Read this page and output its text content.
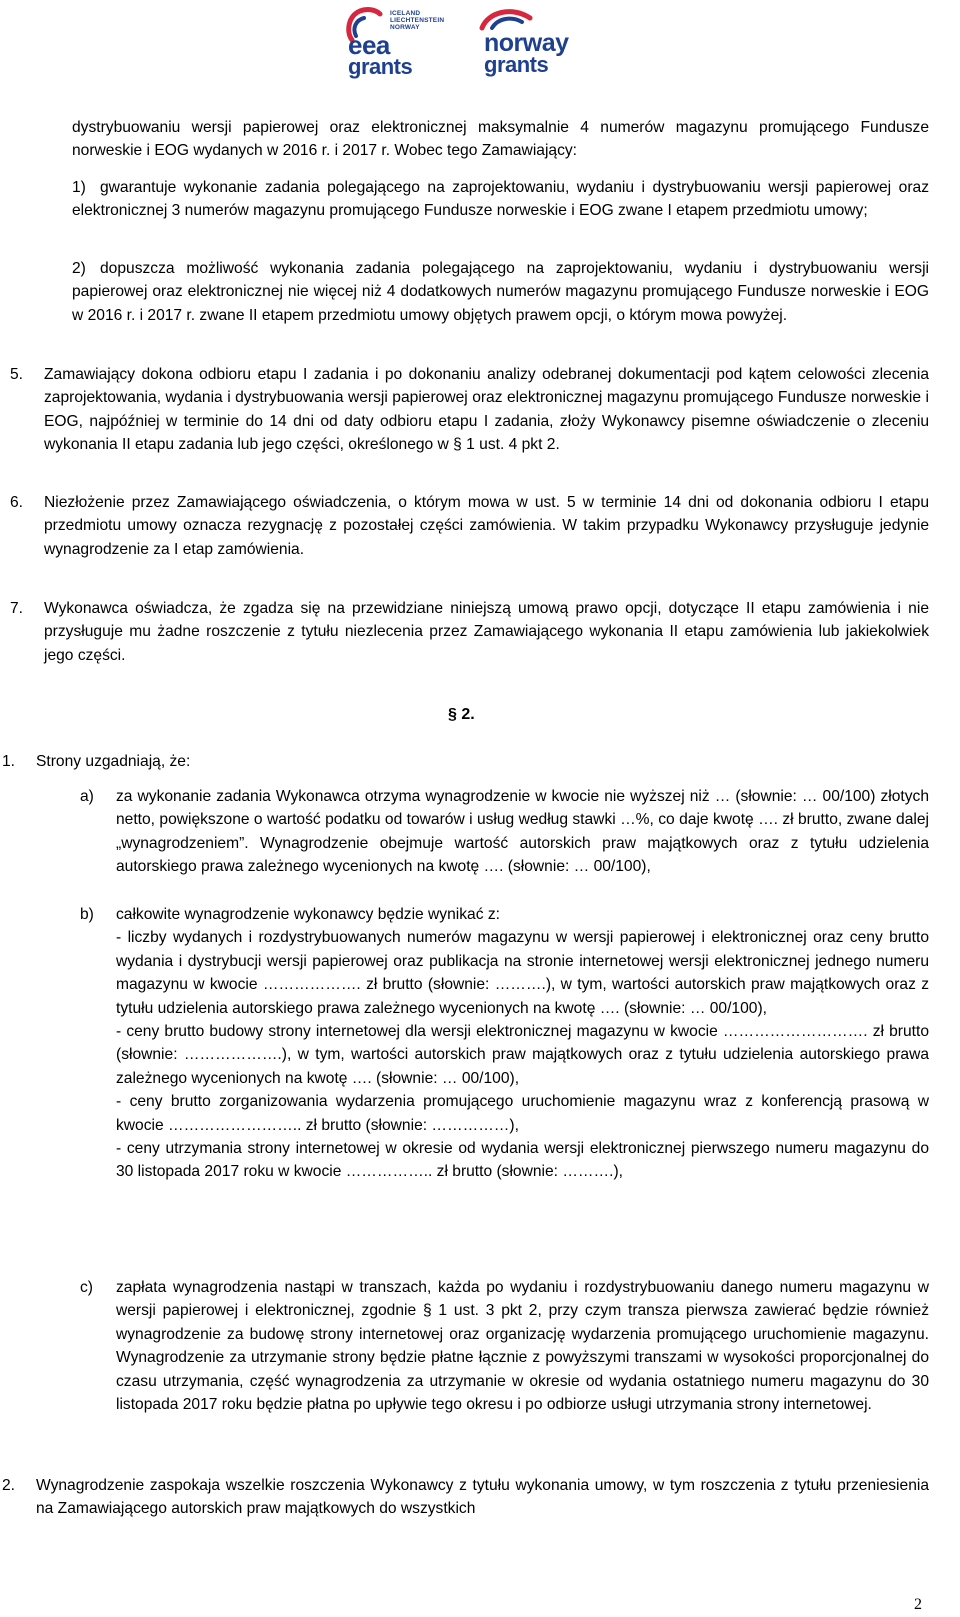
ICELAND
LIECHTENSTEIN
NORWAY
eea
grants
norway
grants
dystrybuowaniu wersji papierowej oraz elektronicznej maksymalnie 4 numerów magazynu promującego Fundusze norweskie i EOG wydanych w 2016 r. i 2017 r. Wobec tego Zamawiający:
1) gwarantuje wykonanie zadania polegającego na zaprojektowaniu, wydaniu i dystrybuowaniu wersji papierowej oraz elektronicznej 3 numerów magazynu promującego Fundusze norweskie i EOG zwane I etapem przedmiotu umowy;
2) dopuszcza możliwość wykonania zadania polegającego na zaprojektowaniu, wydaniu i dystrybuowaniu wersji papierowej oraz elektronicznej nie więcej niż 4 dodatkowych numerów magazynu promującego Fundusze norweskie i EOG w 2016 r. i 2017 r. zwane II etapem przedmiotu umowy objętych prawem opcji, o którym mowa powyżej.
5. Zamawiający dokona odbioru etapu I zadania i po dokonaniu analizy odebranej dokumentacji pod kątem celowości zlecenia zaprojektowania, wydania i dystrybuowania wersji papierowej oraz elektronicznej magazynu promującego Fundusze norweskie i EOG, najpóźniej w terminie do 14 dni od daty odbioru etapu I zadania, złoży Wykonawcy pisemne oświadczenie o zleceniu wykonania II etapu zadania lub jego części, określonego w § 1 ust. 4 pkt 2.
6. Niezłożenie przez Zamawiającego oświadczenia, o którym mowa w ust. 5 w terminie 14 dni od dokonania odbioru I etapu przedmiotu umowy oznacza rezygnację z pozostałej części zamówienia. W takim przypadku Wykonawcy przysługuje jedynie wynagrodzenie za I etap zamówienia.
7. Wykonawca oświadcza, że zgadza się na przewidziane niniejszą umową prawo opcji, dotyczące II etapu zamówienia i nie przysługuje mu żadne roszczenie z tytułu niezlecenia przez Zamawiającego wykonania II etapu zamówienia lub jakiekolwiek jego części.
§ 2.
1. Strony uzgadniają, że:
a) za wykonanie zadania Wykonawca otrzyma wynagrodzenie w kwocie nie wyższej niż … (słownie: … 00/100) złotych netto, powiększone o wartość podatku od towarów i usług według stawki …%, co daje kwotę …. zł brutto, zwane dalej „wynagrodzeniem”. Wynagrodzenie obejmuje wartość autorskich praw majątkowych oraz z tytułu udzielenia autorskiego prawa zależnego wycenionych na kwotę …. (słownie: … 00/100),
b) całkowite wynagrodzenie wykonawcy będzie wynikać z:
- liczby wydanych i rozdystrybuowanych numerów magazynu w wersji papierowej i elektronicznej oraz ceny brutto wydania i dystrybucji wersji papierowej oraz publikacja na stronie internetowej wersji elektronicznej jednego numeru magazynu w kwocie ………………. zł brutto (słownie: ……….), w tym, wartości autorskich praw majątkowych oraz z tytułu udzielenia autorskiego prawa zależnego wycenionych na kwotę …. (słownie: … 00/100),
- ceny brutto budowy strony internetowej dla wersji elektronicznej magazynu w kwocie ………………………. zł brutto (słownie: ……………….), w tym, wartości autorskich praw majątkowych oraz z tytułu udzielenia autorskiego prawa zależnego wycenionych na kwotę …. (słownie: … 00/100),
- ceny brutto zorganizowania wydarzenia promującego uruchomienie magazynu wraz z konferencją prasową w kwocie …………………….. zł brutto (słownie: ……………),
- ceny utrzymania strony internetowej w okresie od wydania wersji elektronicznej pierwszego numeru magazynu do 30 listopada 2017 roku w kwocie …………….. zł brutto (słownie: ……….),
c) zapłata wynagrodzenia nastąpi w transzach, każda po wydaniu i rozdystrybuowaniu danego numeru magazynu w wersji papierowej i elektronicznej, zgodnie § 1 ust. 3 pkt 2, przy czym transza pierwsza zawierać będzie również wynagrodzenie za budowę strony internetowej oraz organizację wydarzenia promującego uruchomienie magazynu. Wynagrodzenie za utrzymanie strony będzie płatne łącznie z powyższymi transzami w wysokości proporcjonalnej do czasu utrzymania, część wynagrodzenia za utrzymanie w okresie od wydania ostatniego numeru magazynu do 30 listopada 2017 roku będzie płatna po upływie tego okresu i po odbiorze usługi utrzymania strony internetowej.
2. Wynagrodzenie zaspokaja wszelkie roszczenia Wykonawcy z tytułu wykonania umowy, w tym roszczenia z tytułu przeniesienia na Zamawiającego autorskich praw majątkowych do wszystkich
2
